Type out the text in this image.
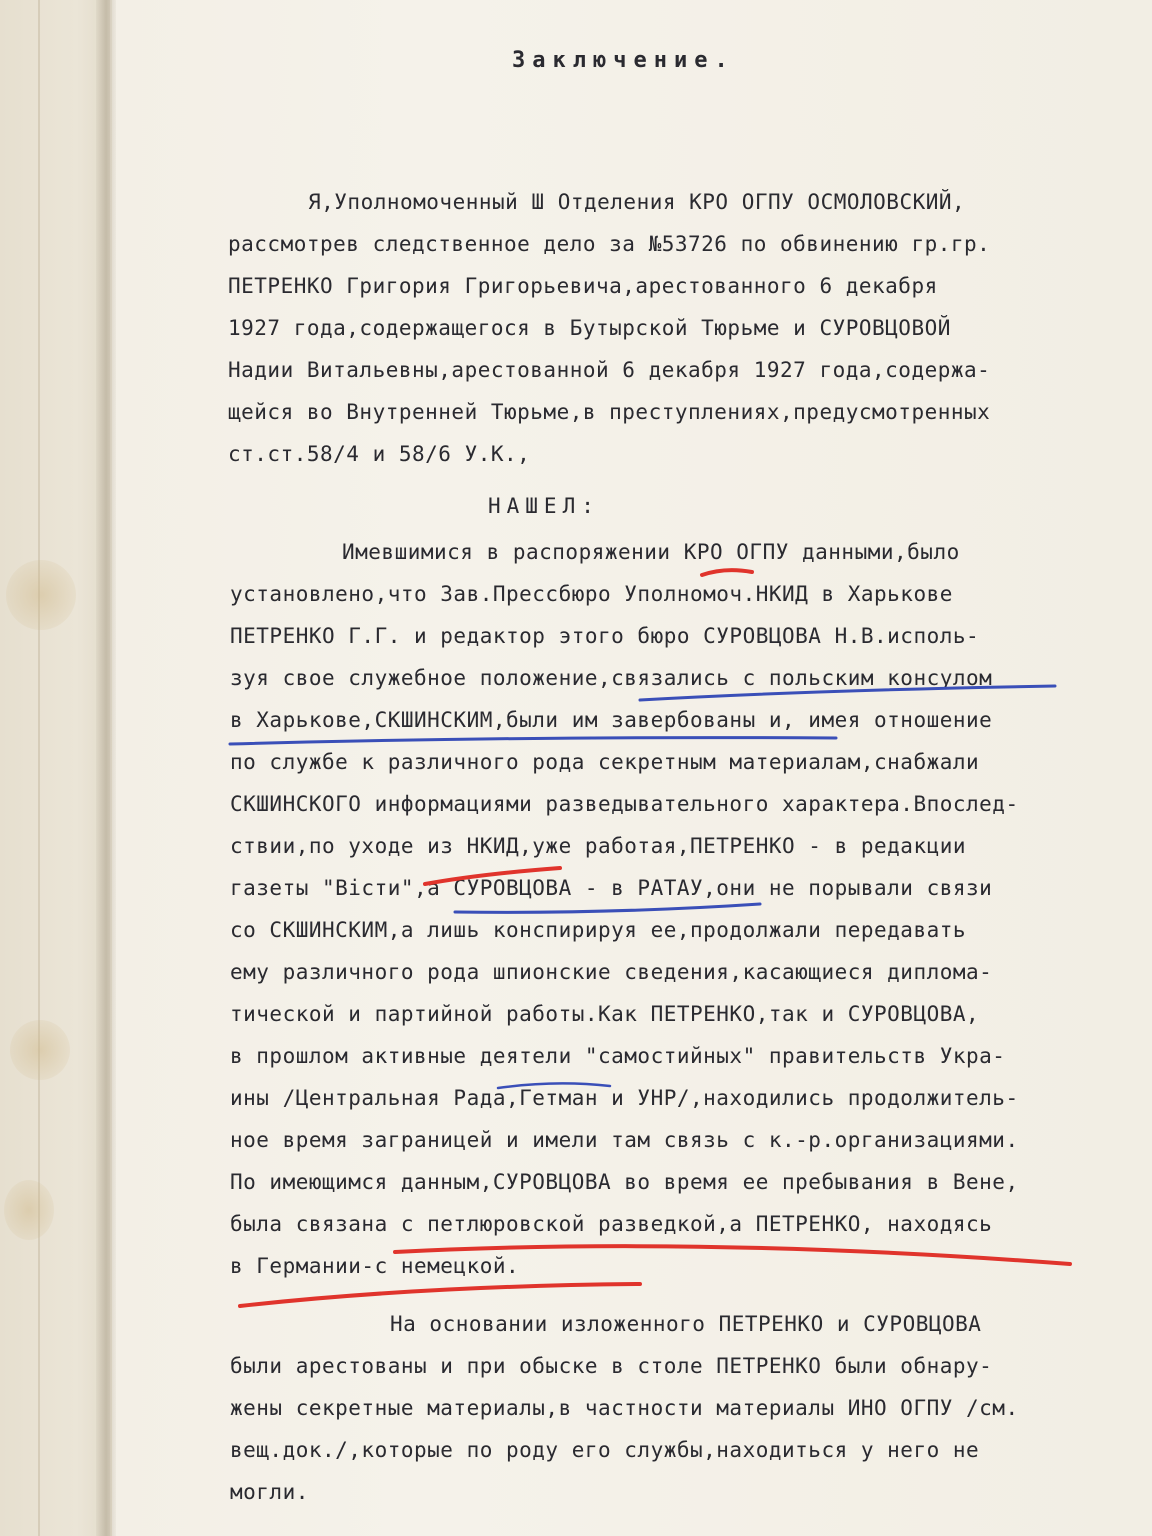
Заключение.
Я,Уполномоченный Ш Отделения КРО ОГПУ ОСМОЛОВСКИЙ,
рассмотрев следственное дело за №53726 по обвинению гр.гр.
ПЕТРЕНКО Григория Григорьевича,арестованного 6 декабря
1927 года,содержащегося в Бутырской Тюрьме и СУРОВЦОВОЙ
Надии Витальевны,арестованной 6 декабря 1927 года,содержа-
щейся во Внутренней Тюрьме,в преступлениях,предусмотренных
ст.ст.58/4 и 58/6 У.К.,
НАШЕЛ:
Имевшимися в распоряжении КРО ОГПУ данными,было
установлено,что Зав.Прессбюро Уполномоч.НКИД в Харькове
ПЕТРЕНКО Г.Г. и редактор этого бюро СУРОВЦОВА Н.В.исполь-
зуя свое служебное положение,связались с польским консулом
в Харькове,СКШИНСКИМ,были им завербованы и, имея отношение
по службе к различного рода секретным материалам,снабжали
СКШИНСКОГО информациями разведывательного характера.Впослед-
ствии,по уходе из НКИД,уже работая,ПЕТРЕНКО - в редакции
газеты "Вісти",а СУРОВЦОВА - в РАТАУ,они не порывали связи
со СКШИНСКИМ,а лишь конспирируя ее,продолжали передавать
ему различного рода шпионские сведения,касающиеся диплома-
тической и партийной работы.Как ПЕТРЕНКО,так и СУРОВЦОВА,
в прошлом активные деятели "самостийных" правительств Укра-
ины /Центральная Рада,Гетман и УНР/,находились продолжитель-
ное время заграницей и имели там связь с к.-р.организациями.
По имеющимся данным,СУРОВЦОВА во время ее пребывания в Вене,
была связана с петлюровской разведкой,а ПЕТРЕНКО, находясь
в Германии-с немецкой.
На основании изложенного ПЕТРЕНКО и СУРОВЦОВА
были арестованы и при обыске в столе ПЕТРЕНКО были обнару-
жены секретные материалы,в частности материалы ИНО ОГПУ /см.
вещ.док./,которые по роду его службы,находиться у него не
могли.
